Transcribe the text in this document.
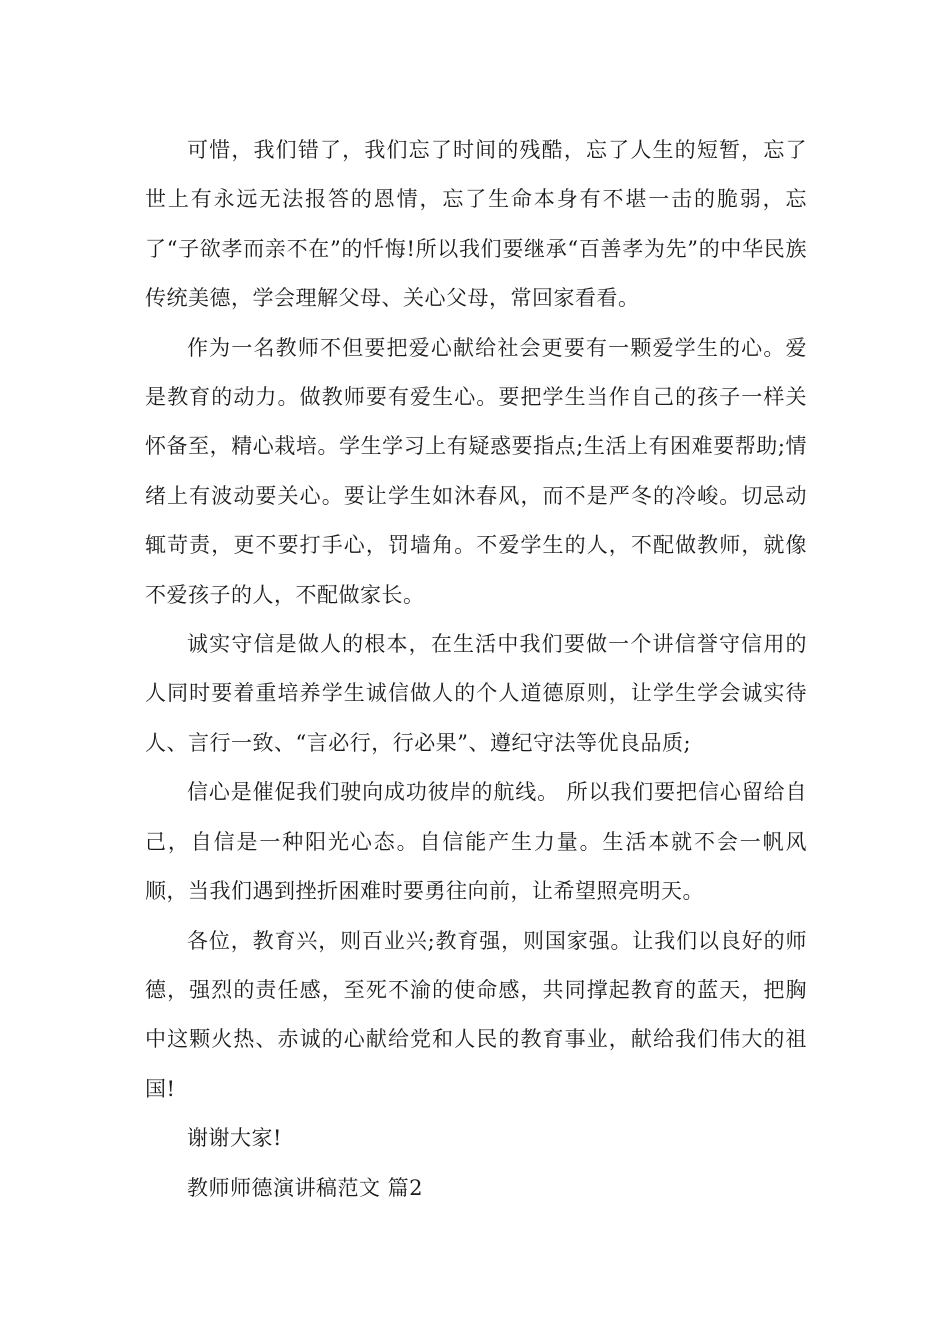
可惜，我们错了，我们忘了时间的残酷，忘了人生的短暂，忘了世上有永远无法报答的恩情，忘了生命本身有不堪一击的脆弱，忘了“子欲孝而亲不在”的忏悔!所以我们要继承“百善孝为先”的中华民族传统美德，学会理解父母、关心父母，常回家看看。

作为一名教师不但要把爱心献给社会更要有一颗爱学生的心。爱是教育的动力。做教师要有爱生心。要把学生当作自己的孩子一样关怀备至，精心栽培。学生学习上有疑惑要指点;生活上有困难要帮助;情绪上有波动要关心。要让学生如沐春风，而不是严冬的冷峻。切忌动辄苛责，更不要打手心，罚墙角。不爱学生的人，不配做教师，就像不爱孩子的人，不配做家长。

诚实守信是做人的根本，在生活中我们要做一个讲信誉守信用的人同时要着重培养学生诚信做人的个人道德原则，让学生学会诚实待人、言行一致、“言必行，行必果”、遵纪守法等优良品质;

信心是催促我们驶向成功彼岸的航线。 所以我们要把信心留给自己，自信是一种阳光心态。自信能产生力量。生活本就不会一帆风顺，当我们遇到挫折困难时要勇往向前，让希望照亮明天。

各位，教育兴，则百业兴;教育强，则国家强。让我们以良好的师德，强烈的责任感，至死不渝的使命感，共同撑起教育的蓝天，把胸中这颗火热、赤诚的心献给党和人民的教育事业，献给我们伟大的祖国!

谢谢大家!

教师师德演讲稿范文 篇2
